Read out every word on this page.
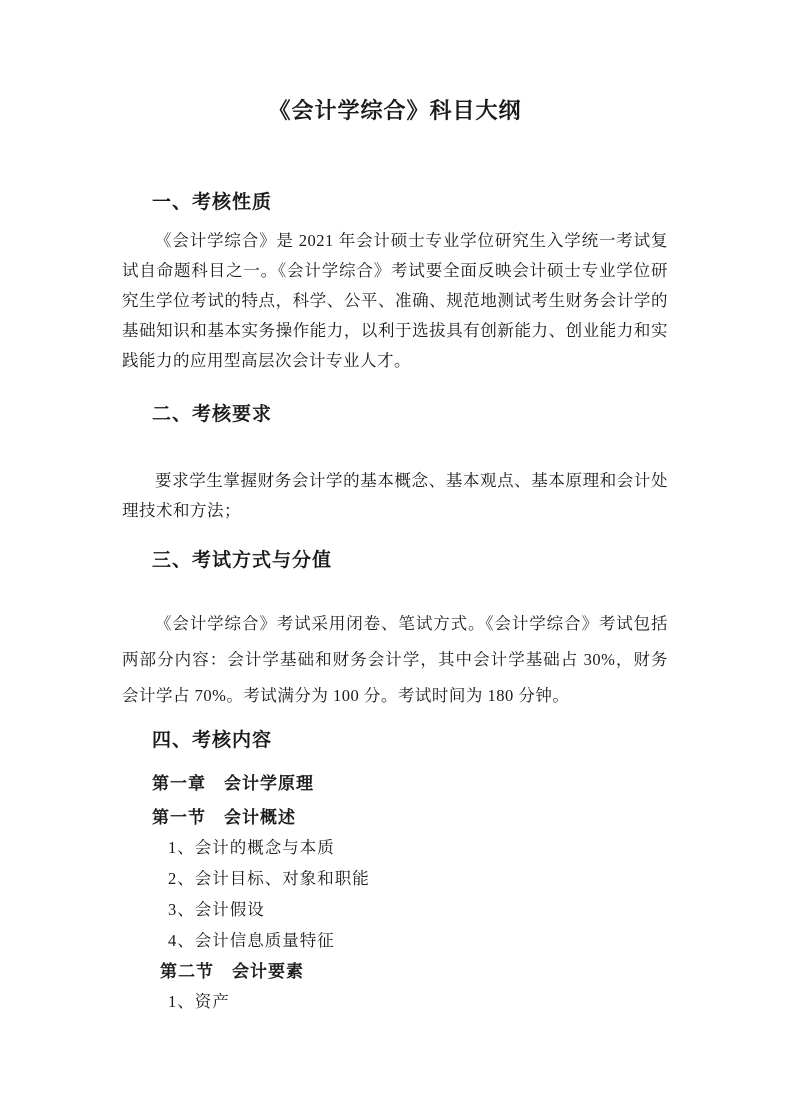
《会计学综合》科目大纲
一、考核性质

《会计学综合》是 2021 年会计硕士专业学位研究生入学统一考试复试自命题科目之一。《会计学综合》考试要全面反映会计硕士专业学位研究生学位考试的特点，科学、公平、准确、规范地测试考生财务会计学的基础知识和基本实务操作能力，以利于选拔具有创新能力、创业能力和实践能力的应用型高层次会计专业人才。

二、考核要求

要求学生掌握财务会计学的基本概念、基本观点、基本原理和会计处理技术和方法；

三、考试方式与分值

《会计学综合》考试采用闭卷、笔试方式。《会计学综合》考试包括两部分内容：会计学基础和财务会计学，其中会计学基础占 30%，财务会计学占 70%。考试满分为 100 分。考试时间为 180 分钟。

四、考核内容
第一章　会计学原理
第一节　会计概述
1、会计的概念与本质
2、会计目标、对象和职能
3、会计假设
4、会计信息质量特征
第二节　会计要素
1、资产
